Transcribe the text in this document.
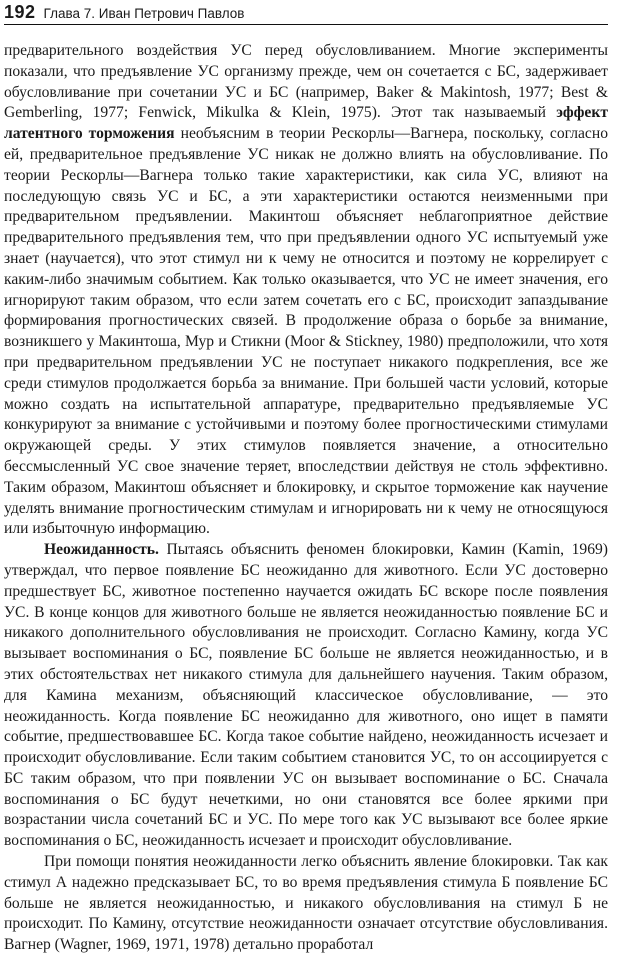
192 Глава 7. Иван Петрович Павлов

предварительного воздействия УС перед обусловливанием. Многие эксперименты показали, что предъявление УС организму прежде, чем он сочетается с БС, задерживает обусловливание при сочетании УС и БС (например, Baker & Makintosh, 1977; Best & Gemberling, 1977; Fenwick, Mikulka & Klein, 1975). Этот так называемый эффект латентного торможения необъясним в теории Рескорлы—Вагнера, поскольку, согласно ей, предварительное предъявление УС никак не должно влиять на обусловливание. По теории Рескорлы—Вагнера только такие характеристики, как сила УС, влияют на последующую связь УС и БС, а эти характеристики остаются неизменными при предварительном предъявлении. Макинтош объясняет неблагоприятное действие предварительного предъявления тем, что при предъявлении одного УС испытуемый уже знает (научается), что этот стимул ни к чему не относится и поэтому не коррелирует с каким-либо значимым событием. Как только оказывается, что УС не имеет значения, его игнорируют таким образом, что если затем сочетать его с БС, происходит запаздывание формирования прогностических связей. В продолжение образа о борьбе за внимание, возникшего у Макинтоша, Мур и Стикни (Moor & Stickney, 1980) предположили, что хотя при предварительном предъявлении УС не поступает никакого подкрепления, все же среди стимулов продолжается борьба за внимание. При большей части условий, которые можно создать на испытательной аппаратуре, предварительно предъявляемые УС конкурируют за внимание с устойчивыми и поэтому более прогностическими стимулами окружающей среды. У этих стимулов появляется значение, а относительно бессмысленный УС свое значение теряет, впоследствии действуя не столь эффективно. Таким образом, Макинтош объясняет и блокировку, и скрытое торможение как научение уделять внимание прогностическим стимулам и игнорировать ни к чему не относящуюся или избыточную информацию.

Неожиданность. Пытаясь объяснить феномен блокировки, Камин (Kamin, 1969) утверждал, что первое появление БС неожиданно для животного. Если УС достоверно предшествует БС, животное постепенно научается ожидать БС вскоре после появления УС. В конце концов для животного больше не является неожиданностью появление БС и никакого дополнительного обусловливания не происходит. Согласно Камину, когда УС вызывает воспоминания о БС, появление БС больше не является неожиданностью, и в этих обстоятельствах нет никакого стимула для дальнейшего научения. Таким образом, для Камина механизм, объясняющий классическое обусловливание, — это неожиданность. Когда появление БС неожиданно для животного, оно ищет в памяти событие, предшествовавшее БС. Когда такое событие найдено, неожиданность исчезает и происходит обусловливание. Если таким событием становится УС, то он ассоциируется с БС таким образом, что при появлении УС он вызывает воспоминание о БС. Сначала воспоминания о БС будут нечеткими, но они становятся все более яркими при возрастании числа сочетаний БС и УС. По мере того как УС вызывают все более яркие воспоминания о БС, неожиданность исчезает и происходит обусловливание.

При помощи понятия неожиданности легко объяснить явление блокировки. Так как стимул А надежно предсказывает БС, то во время предъявления стимула Б появление БС больше не является неожиданностью, и никакого обусловливания на стимул Б не происходит. По Камину, отсутствие неожиданности означает отсутствие обусловливания. Вагнер (Wagner, 1969, 1971, 1978) детально проработал
